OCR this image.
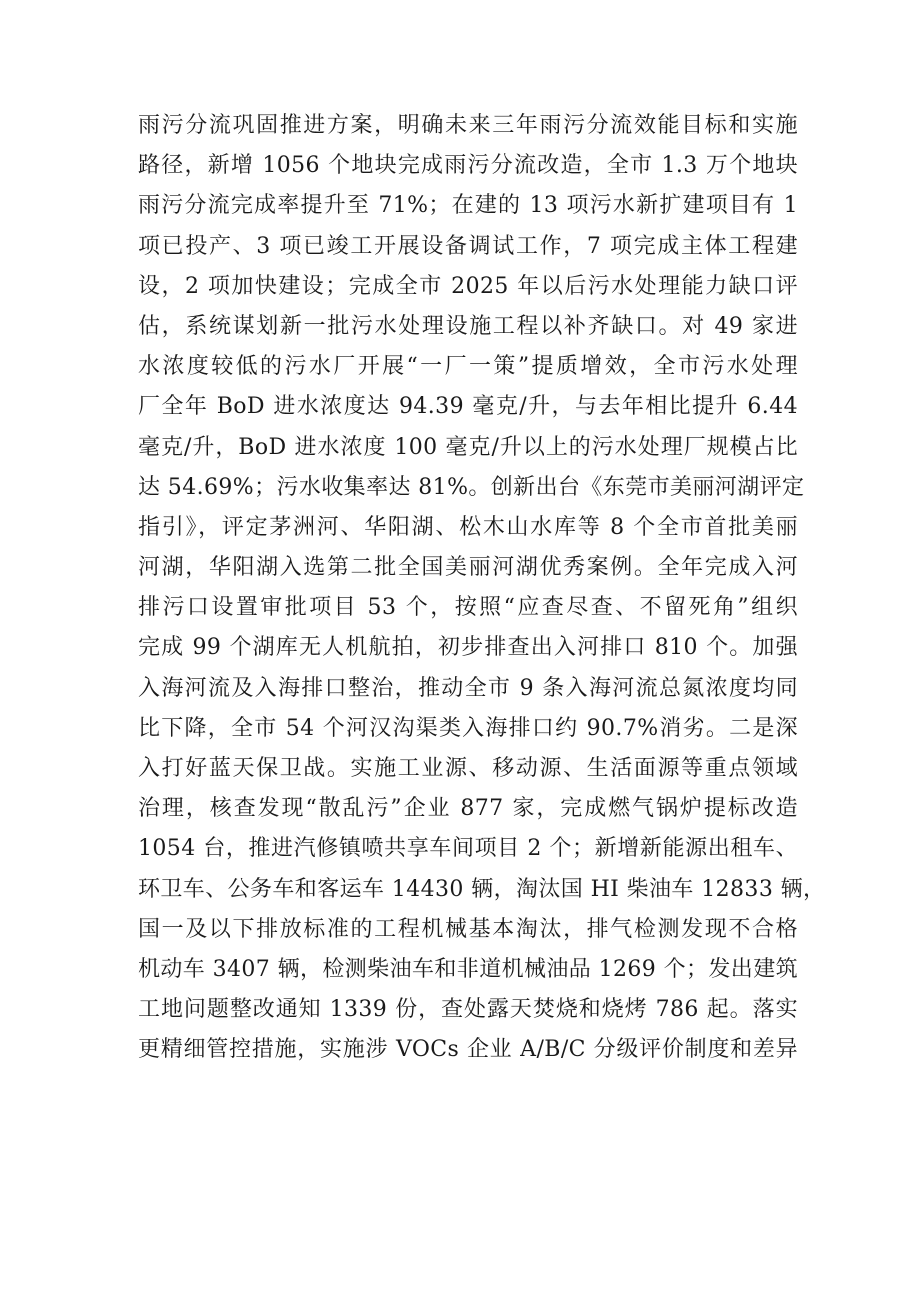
雨污分流巩固推进方案，明确未来三年雨污分流效能目标和实施
路径，新增 1056 个地块完成雨污分流改造，全市 1.3 万个地块
雨污分流完成率提升至 71%；在建的 13 项污水新扩建项目有 1
项已投产、3 项已竣工开展设备调试工作，7 项完成主体工程建
设，2 项加快建设；完成全市 2025 年以后污水处理能力缺口评
估，系统谋划新一批污水处理设施工程以补齐缺口。对 49 家进
水浓度较低的污水厂开展“一厂一策”提质增效，全市污水处理
厂全年 BoD 进水浓度达 94.39 毫克/升，与去年相比提升 6.44
毫克/升，BoD 进水浓度 100 毫克/升以上的污水处理厂规模占比
达 54.69%；污水收集率达 81%。创新出台《东莞市美丽河湖评定
指引》，评定茅洲河、华阳湖、松木山水库等 8 个全市首批美丽
河湖，华阳湖入选第二批全国美丽河湖优秀案例。全年完成入河
排污口设置审批项目 53 个，按照“应查尽查、不留死角”组织
完成 99 个湖库无人机航拍，初步排查出入河排口 810 个。加强
入海河流及入海排口整治，推动全市 9 条入海河流总氮浓度均同
比下降，全市 54 个河汉沟渠类入海排口约 90.7%消劣。二是深
入打好蓝天保卫战。实施工业源、移动源、生活面源等重点领域
治理，核查发现“散乱污”企业 877 家，完成燃气锅炉提标改造
1054 台，推进汽修镇喷共享车间项目 2 个；新增新能源出租车、
环卫车、公务车和客运车 14430 辆，淘汰国 HI 柴油车 12833 辆，
国一及以下排放标准的工程机械基本淘汰，排气检测发现不合格
机动车 3407 辆，检测柴油车和非道机械油品 1269 个；发出建筑
工地问题整改通知 1339 份，查处露天焚烧和烧烤 786 起。落实
更精细管控措施，实施涉 VOCs 企业 A/B/C 分级评价制度和差异
